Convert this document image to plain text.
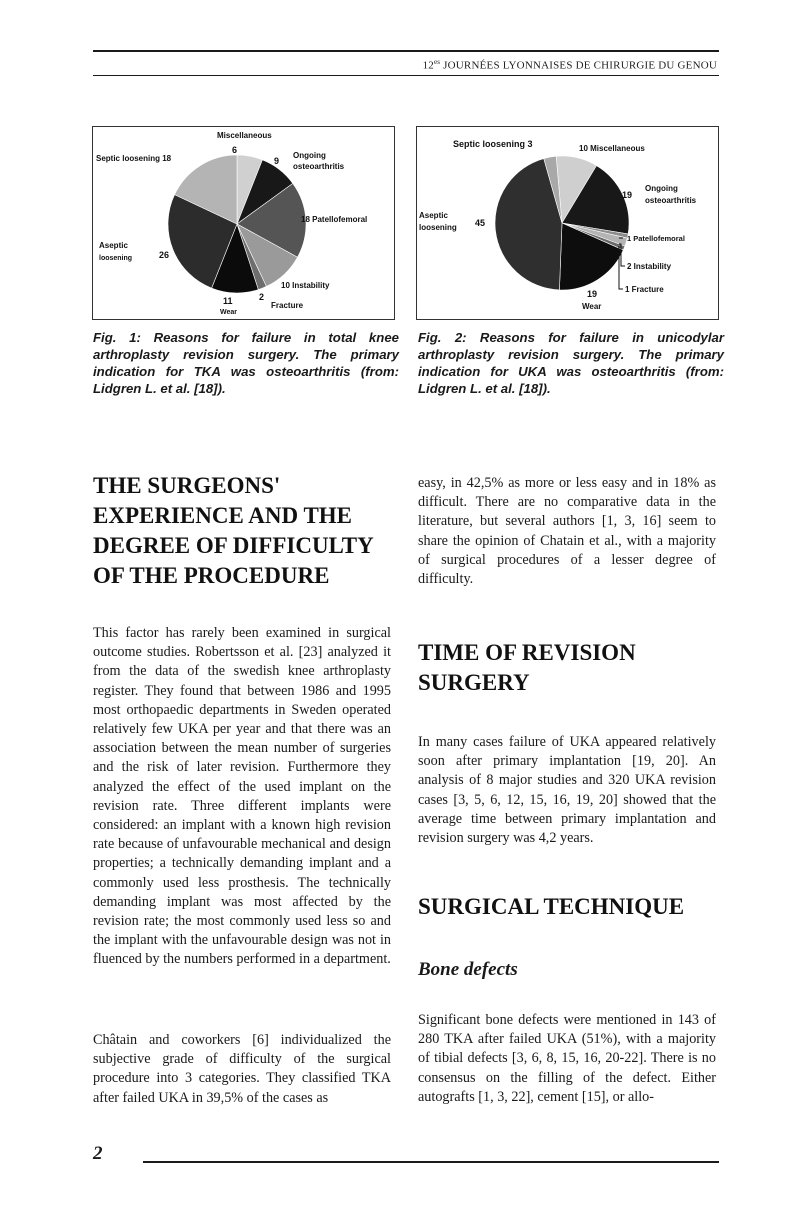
$12^{es}$ JOURNÉES LYONNAISES DE CHIRURGIE DU GENOU
Miscellaneous
6
9
Ongoing
osteoarthritis
18 Patellofemoral
10 Instability
2
Fracture
11
Wear
Aseptic
loosening	26
Septic loosening 18
Septic loosening 3	10 Miscellaneous
19
Ongoing
osteoarthritis
Aseptic
loosening 45
1 Patellofemoral
2 Instability
1 Fracture
19
Wear

Fig. 1: Reasons for failure in total knee arthroplasty revision surgery. The primary indication for TKA was osteoarthritis (from: Lidgren L. et al. [18]).

Fig. 2: Reasons for failure in unicodylar arthroplasty revision surgery. The primary indication for UKA was osteoarthritis (from: Lidgren L. et al. [18]).

THE SURGEONS' EXPERIENCE AND THE DEGREE OF DIFFICULTY OF THE PROCEDURE

This factor has rarely been examined in surgical outcome studies. Robertsson et al. [23] analyzed it from the data of the swedish knee arthroplasty register. They found that between 1986 and 1995 most orthopaedic departments in Sweden operated relatively few UKA per year and that there was an association between the mean number of surgeries and the risk of later revision. Furthermore they analyzed the effect of the used implant on the revision rate. Three different implants were considered: an implant with a known high revision rate because of unfavourable mechanical and design properties; a technically demanding implant and a commonly used less prosthesis. The technically demanding implant was most affected by the revision rate; the most commonly used less so and the implant with the unfavourable design was not in fluenced by the numbers performed in a department.

Châtain and coworkers [6] individualized the subjective grade of difficulty of the surgical procedure into 3 categories. They classified TKA after failed UKA in 39,5% of the cases as

easy, in 42,5% as more or less easy and in 18% as difficult. There are no comparative data in the literature, but several authors [1, 3, 16] seem to share the opinion of Chatain et al., with a majority of surgical procedures of a lesser degree of difficulty.

TIME OF REVISION SURGERY

In many cases failure of UKA appeared relatively soon after primary implantation [19, 20]. An analysis of 8 major studies and 320 UKA revision cases [3, 5, 6, 12, 15, 16, 19, 20] showed that the average time between primary implantation and revision surgery was 4,2 years.

SURGICAL TECHNIQUE
Bone defects

Significant bone defects were mentioned in 143 of 280 TKA after failed UKA (51%), with a majority of tibial defects [3, 6, 8, 15, 16, 20-22]. There is no consensus on the filling of the defect. Either autografts [1, 3, 22], cement [15], or allo-

2
